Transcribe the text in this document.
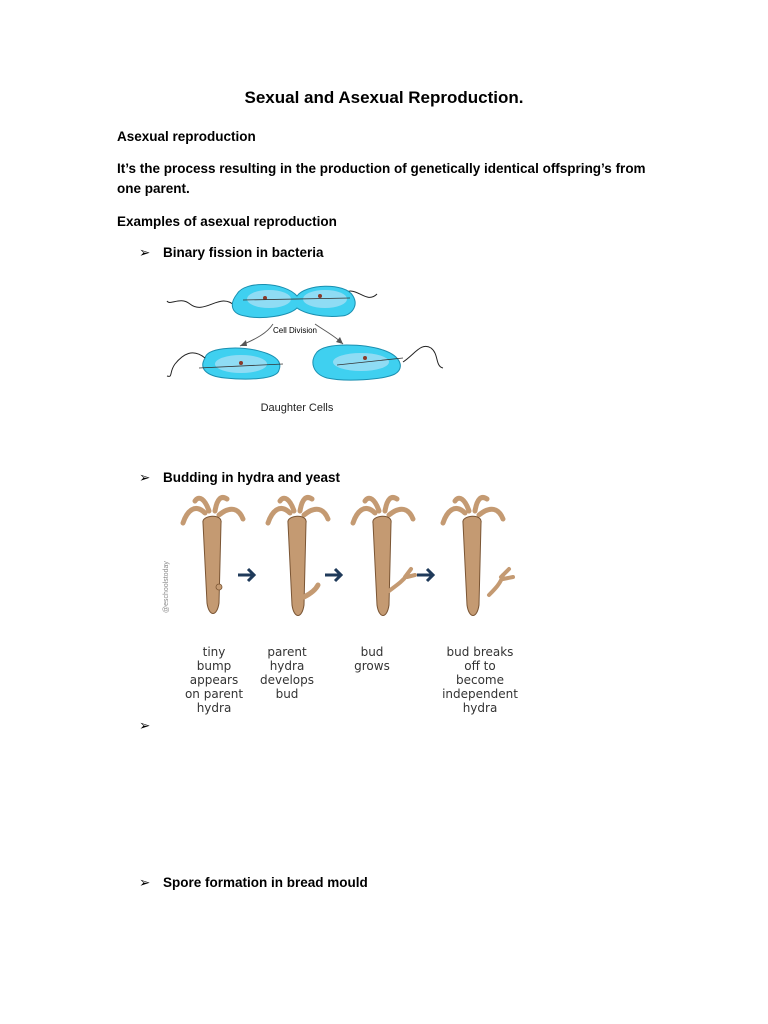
Sexual and Asexual Reproduction.
Asexual reproduction
It’s the process resulting in the production of genetically identical offspring’s from one parent.
Examples of asexual reproduction
➢ Binary fission in bacteria
Cell Division
Daughter Cells
➢ Budding in hydra and yeast
@eschoolstoday
tiny
bump
appears
on parent
hydra
parent
hydra
develops
bud
bud
grows
bud breaks
off to
become
independent
hydra
➢
➢ Spore formation in bread mould
